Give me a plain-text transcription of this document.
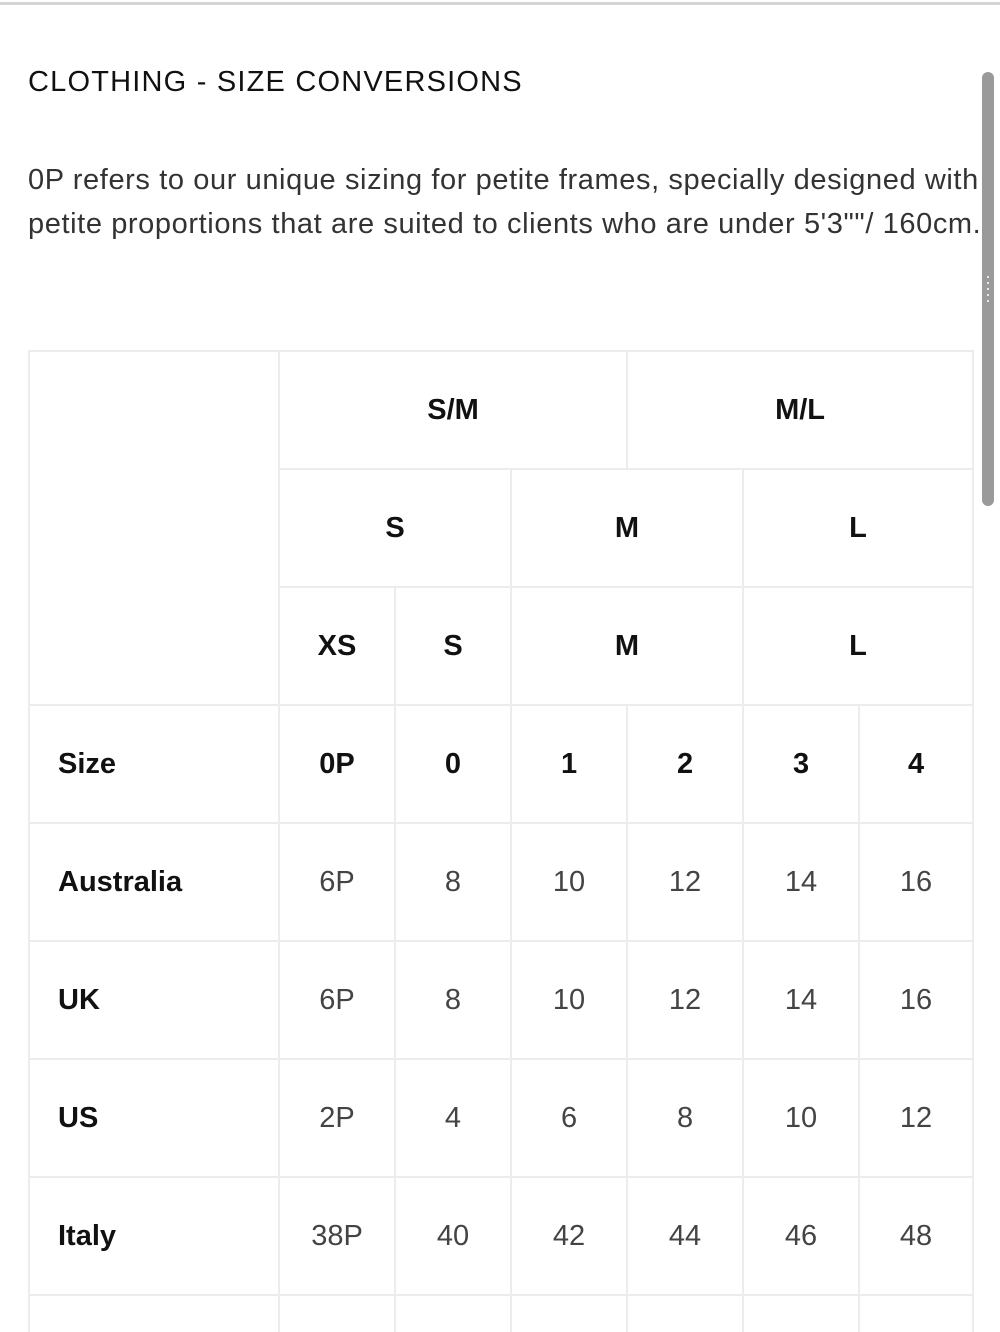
CLOTHING - SIZE CONVERSIONS
0P refers to our unique sizing for petite frames, specially designed with petite proportions that are suited to clients who are under 5'3""/ 160cm.
	S/M			M/L		
	S		M		L	
	XS	S	M		L	
Size	0P	0	1	2	3	4
Australia	6P	8	10	12	14	16
UK	6P	8	10	12	14	16
US	2P	4	6	8	10	12
Italy	38P	40	42	44	46	48
